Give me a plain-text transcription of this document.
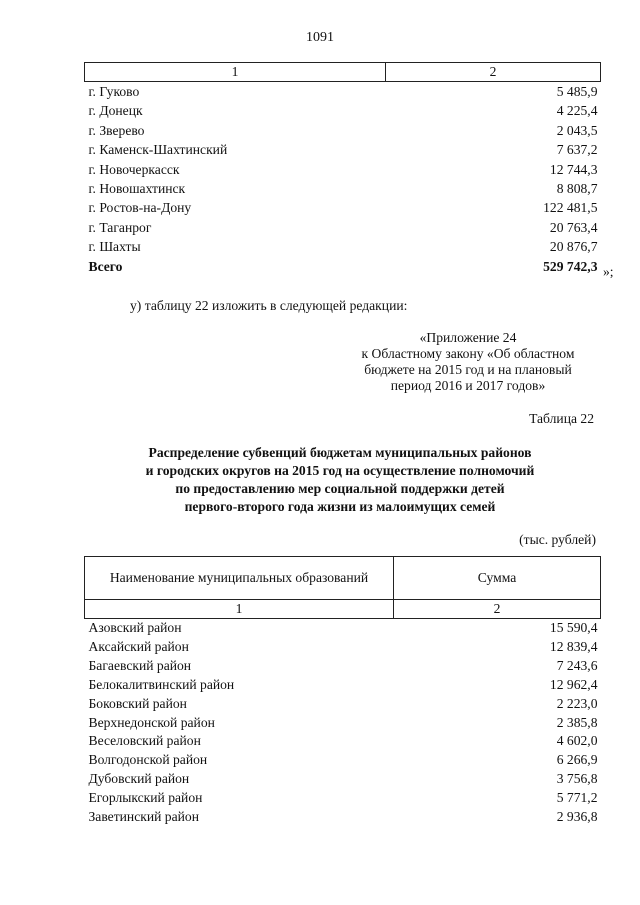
1091
1	2
г. Гуково	5 485,9
г. Донецк	4 225,4
г. Зверево	2 043,5
г. Каменск-Шахтинский	7 637,2
г. Новочеркасск	12 744,3
г. Новошахтинск	8 808,7
г. Ростов-на-Дону	122 481,5
г. Таганрог	20 763,4
г. Шахты	20 876,7
Всего	529 742,3 »;
у) таблицу 22 изложить в следующей редакции:
«Приложение 24
к Областному закону «Об областном
бюджете на 2015 год и на плановый
период 2016 и 2017 годов»
Таблица 22
Распределение субвенций бюджетам муниципальных районов
и городских округов на 2015 год на осуществление полномочий
по предоставлению мер социальной поддержки детей
первого-второго года жизни из малоимущих семей
(тыс. рублей)
Наименование муниципальных образований	Сумма
1	2
Азовский район	15 590,4
Аксайский район	12 839,4
Багаевский район	7 243,6
Белокалитвинский район	12 962,4
Боковский район	2 223,0
Верхнедонской район	2 385,8
Веселовский район	4 602,0
Волгодонской район	6 266,9
Дубовский район	3 756,8
Егорлыкский район	5 771,2
Заветинский район	2 936,8
